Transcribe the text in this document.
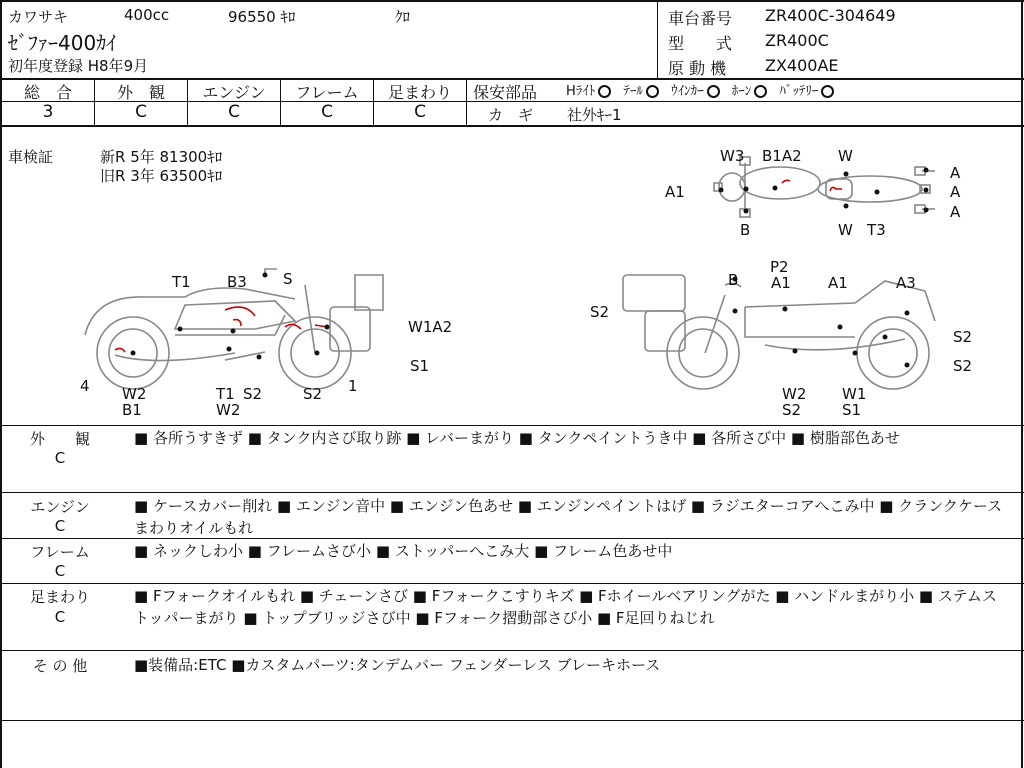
カワサキ	400cc	96550 ｷﾛ	ｸﾛ
ｾﾞﾌｧｰ400ｶｲ
初年度登録 H8年9月
車台番号 ZR400C-304649
型　　式 ZR400C
原 動 機 ZX400AE
総　合	外　観	エンジン	フレーム	足まわり
3	C	C	C	C
保安部品 Hﾗｲﾄ ﾃｰﾙ ｳｲﾝｶｰ ﾎｰﾝ ﾊﾞｯﾃﾘｰ
カ　ギ 社外ｷｰ1
車検証	新R 5年 81300ｷﾛ
旧R 3年 63500ｷﾛ
W3 B1A2 W
A
A
A
A1
B	W T3
T1 B3 S
W1A2
S1
4	1
W2
B1
T1 S2
W2
S2
P2
B A1 A1	A3
S2
S2
S2
W2
S2
W1
S1
外　　観
C
■ 各所うすきず ■ タンク内さび取り跡 ■ レバーまがり ■ タンクペイントうき中 ■ 各所さび中 ■ 樹脂部色あせ
エンジン
C
■ ケースカバー削れ ■ エンジン音中 ■ エンジン色あせ ■ エンジンペイントはげ ■ ラジエターコアへこみ中 ■ クランクケースまわりオイルもれ
フレーム
C
■ ネックしわ小 ■ フレームさび小 ■ ストッパーへこみ大 ■ フレーム色あせ中
足まわり
C
■ Fフォークオイルもれ ■ チェーンさび ■ Fフォークこすりキズ ■ Fホイールベアリングがた ■ ハンドルまがり小 ■ ステムストッパーまがり ■ トップブリッジさび中 ■ Fフォーク摺動部さび小 ■ F足回りねじれ
そ の 他	■装備品:ETC ■カスタムパーツ:タンデムバー フェンダーレス ブレーキホース
